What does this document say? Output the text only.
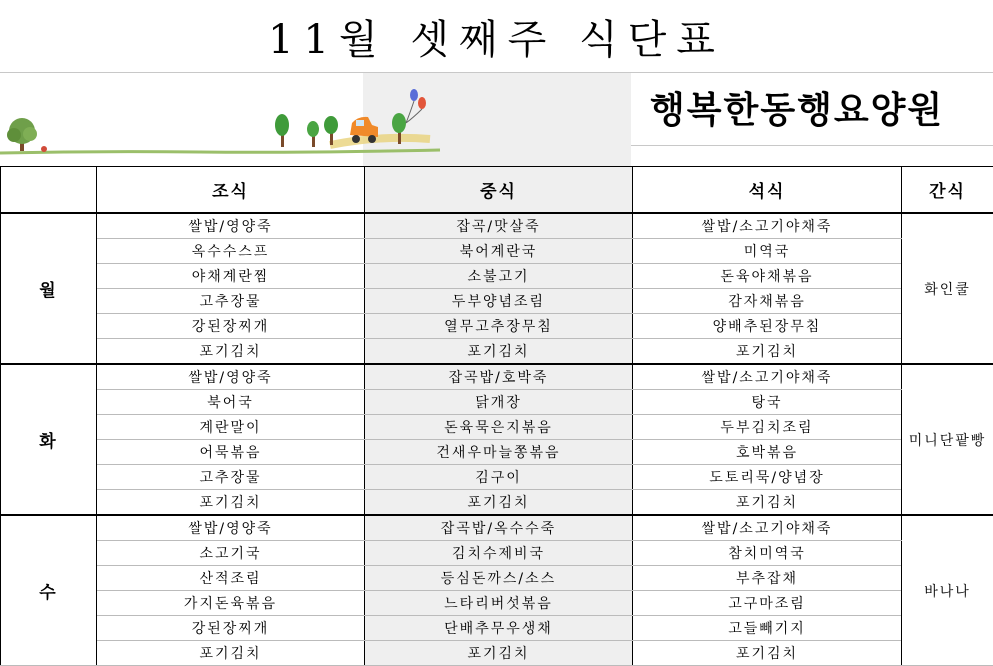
11월 셋째주 식단표
행복한동행요양원
	조식	중식	석식	간식
월	쌀밥/영양죽	잡곡/맛살죽	쌀밥/소고기야채죽	화인쿨
	옥수수스프	북어계란국	미역국	
	야채계란찜	소불고기	돈육야채볶음	
	고추장물	두부양념조림	감자채볶음	
	강된장찌개	열무고추장무침	양배추된장무침	
	포기김치	포기김치	포기김치	
화	쌀밥/영양죽	잡곡밥/호박죽	쌀밥/소고기야채죽	미니단팥빵
	북어국	닭개장	탕국	
	계란말이	돈육묵은지볶음	두부김치조림	
	어묵볶음	건새우마늘쫑볶음	호박볶음	
	고추장물	김구이	도토리묵/양념장	
	포기김치	포기김치	포기김치	
수	쌀밥/영양죽	잡곡밥/옥수수죽	쌀밥/소고기야채죽	바나나
	소고기국	김치수제비국	참치미역국	
	산적조림	등심돈까스/소스	부추잡채	
	가지돈육볶음	느타리버섯볶음	고구마조림	
	강된장찌개	단배추무우생채	고들빼기지	
	포기김치	포기김치	포기김치	
